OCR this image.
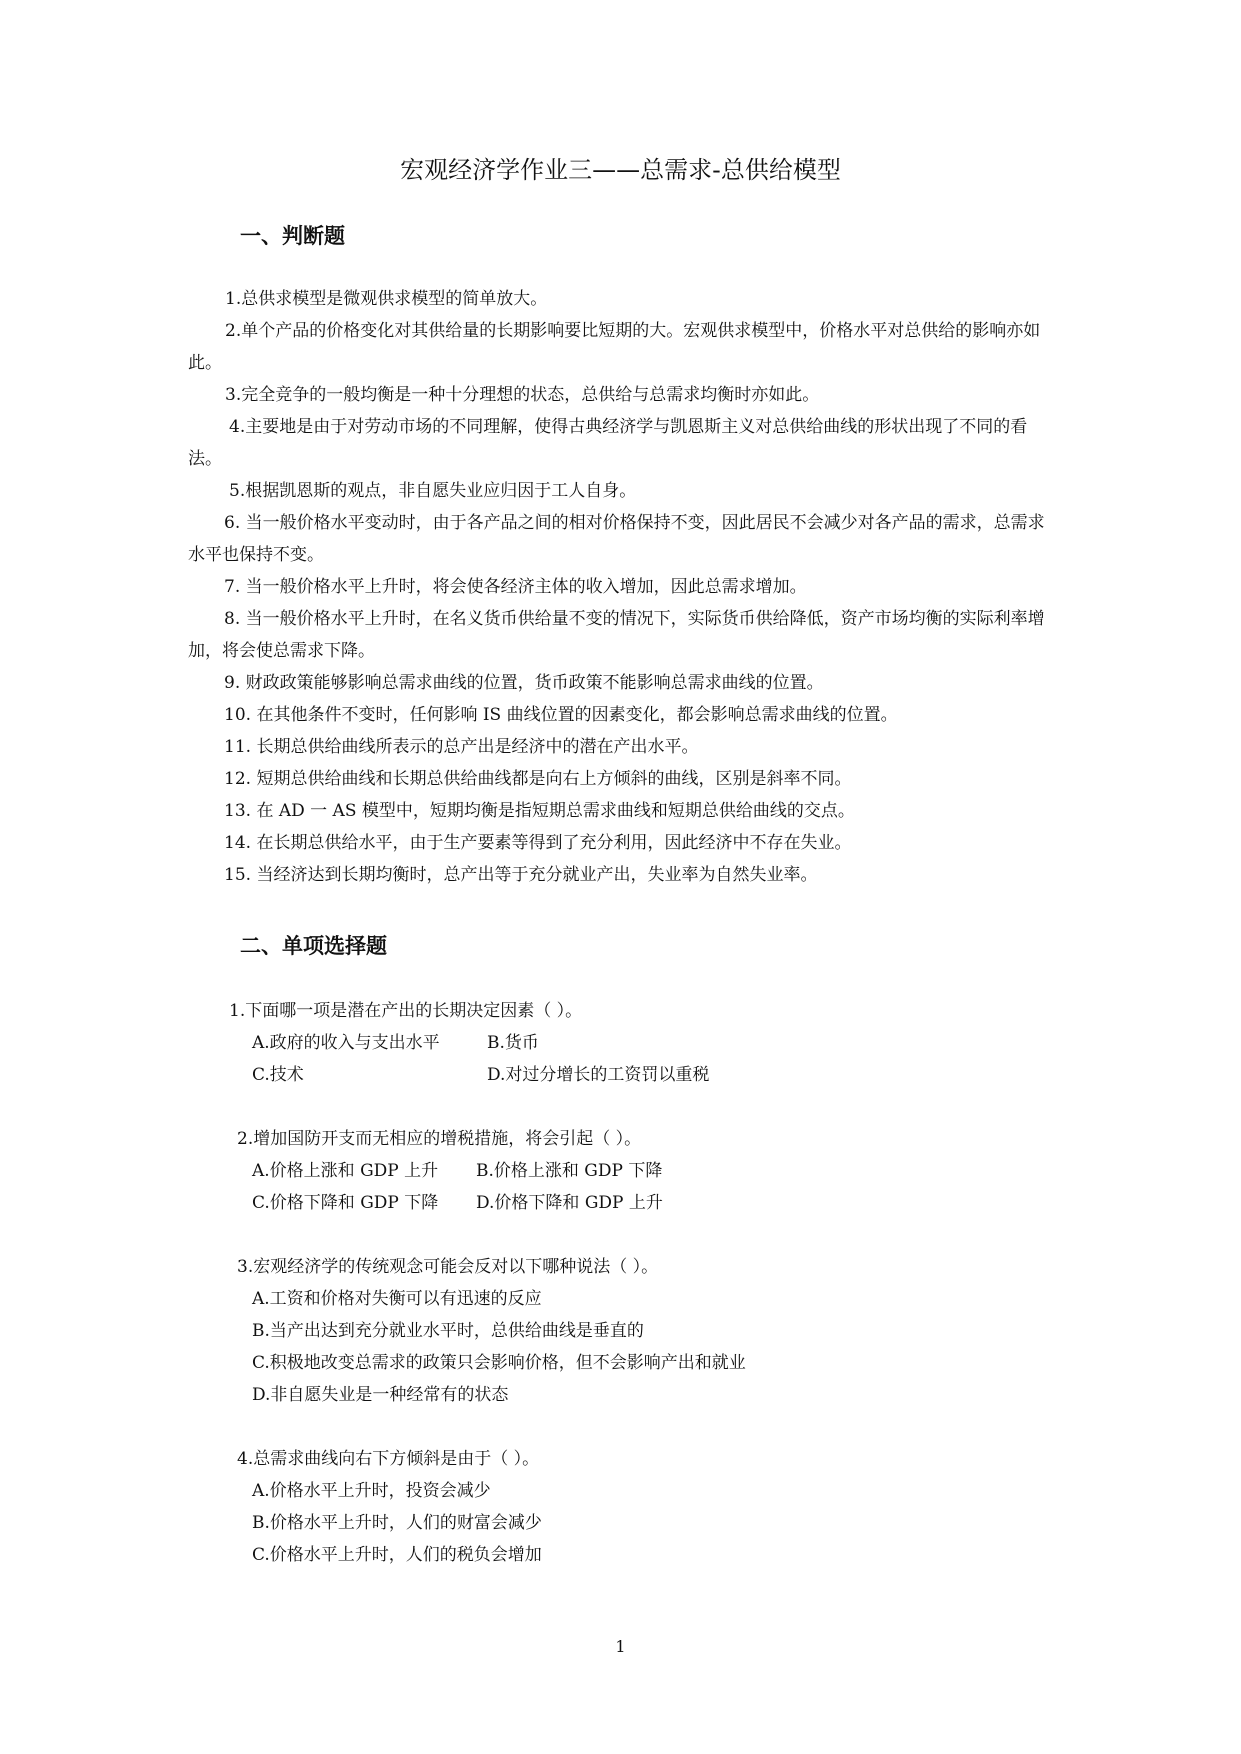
宏观经济学作业三——总需求-总供给模型
一、判断题
1.总供求模型是微观供求模型的简单放大。
2.单个产品的价格变化对其供给量的长期影响要比短期的大。宏观供求模型中，价格水平对总供给的影响亦如此。
3.完全竞争的一般均衡是一种十分理想的状态，总供给与总需求均衡时亦如此。
4.主要地是由于对劳动市场的不同理解，使得古典经济学与凯恩斯主义对总供给曲线的形状出现了不同的看法。
5.根据凯恩斯的观点，非自愿失业应归因于工人自身。
6. 当一般价格水平变动时，由于各产品之间的相对价格保持不变，因此居民不会减少对各产品的需求，总需求水平也保持不变。
7. 当一般价格水平上升时，将会使各经济主体的收入增加，因此总需求增加。
8. 当一般价格水平上升时，在名义货币供给量不变的情况下，实际货币供给降低，资产市场均衡的实际利率增加，将会使总需求下降。
9. 财政政策能够影响总需求曲线的位置，货币政策不能影响总需求曲线的位置。
10. 在其他条件不变时，任何影响 IS 曲线位置的因素变化，都会影响总需求曲线的位置。
11. 长期总供给曲线所表示的总产出是经济中的潜在产出水平。
12. 短期总供给曲线和长期总供给曲线都是向右上方倾斜的曲线，区别是斜率不同。
13. 在 AD 一 AS 模型中，短期均衡是指短期总需求曲线和短期总供给曲线的交点。
14. 在长期总供给水平，由于生产要素等得到了充分利用，因此经济中不存在失业。
15. 当经济达到长期均衡时，总产出等于充分就业产出，失业率为自然失业率。
二、单项选择题
1.下面哪一项是潜在产出的长期决定因素（ ）。
A.政府的收入与支出水平	B.货币
C.技术	D.对过分增长的工资罚以重税
2.增加国防开支而无相应的增税措施，将会引起（ ）。
A.价格上涨和 GDP 上升 B.价格上涨和 GDP 下降
C.价格下降和 GDP 下降 D.价格下降和 GDP 上升
3.宏观经济学的传统观念可能会反对以下哪种说法（ ）。
A.工资和价格对失衡可以有迅速的反应
B.当产出达到充分就业水平时，总供给曲线是垂直的
C.积极地改变总需求的政策只会影响价格，但不会影响产出和就业
D.非自愿失业是一种经常有的状态
4.总需求曲线向右下方倾斜是由于（ ）。
A.价格水平上升时，投资会减少
B.价格水平上升时，人们的财富会减少
C.价格水平上升时，人们的税负会增加
1
